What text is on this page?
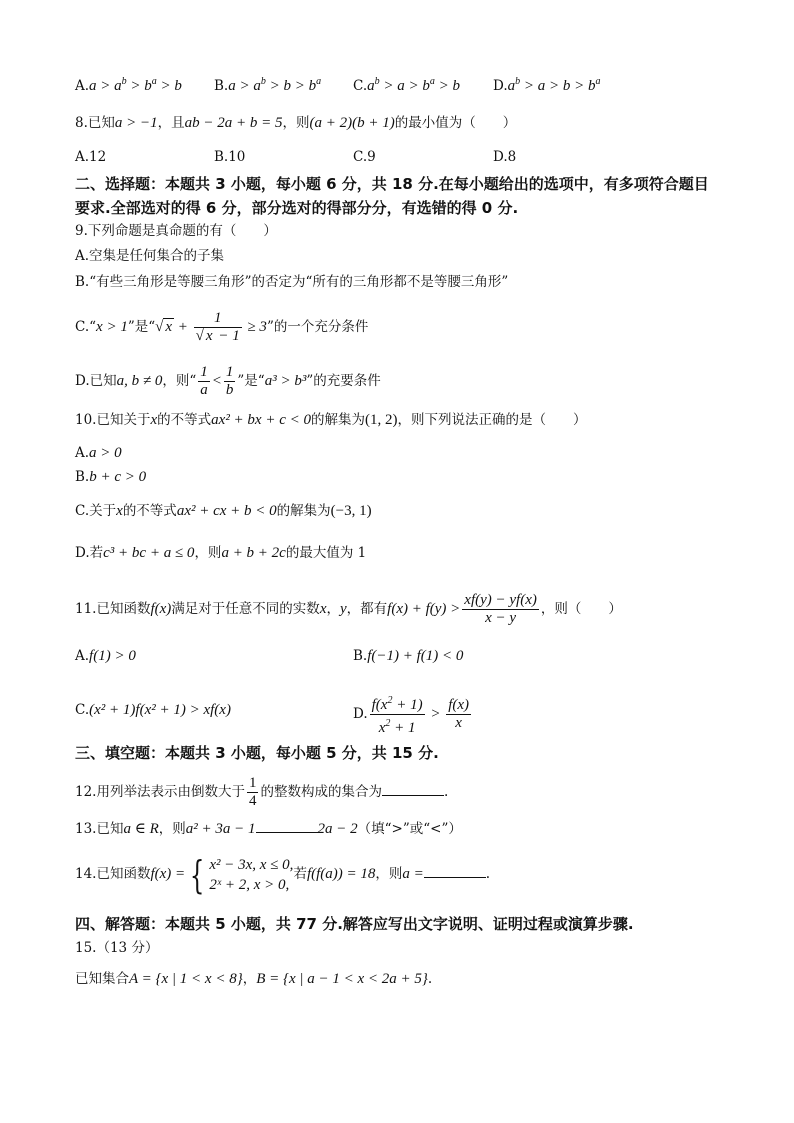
$A.a > a^b > b^a > b$ $B.a > a^b > b > b^a$ $C.a^b > a > b^a > b$ $D.a^b > a > b > b^a$
8.已知a > −1，且ab − 2a + b = 5，则(a + 2)(b + 1)的最小值为（　　）
A.12	B.10	C.9	D.8
二、选择题：本题共 3 小题，每小题 6 分，共 18 分.在每小题给出的选项中，有多项符合题目
要求.全部选对的得 6 分，部分选对的得部分分，有选错的得 0 分.
9.下列命题是真命题的有（　　）
A.空集是任何集合的子集
B.“有些三角形是等腰三角形”的否定为“所有的三角形都不是等腰三角形”
C.“x > 1”是“√ $x + \frac{1}{√ x - 1} \ge 3$”的一个充分条件
D.已知a, b ≠ 0，则“ $\frac{1}{a} < \frac{1}{b}$ ”是“a³ > b³”的充要条件
10.已知关于x的不等式ax² + bx + c < 0的解集为(1, 2)，则下列说法正确的是（　　）
A.a > 0
B.b + c > 0
C.关于x的不等式ax² + cx + b < 0的解集为(−3, 1)
D.若c³ + bc + a ≤ 0，则a + b + 2c的最大值为 1
11.已知函数f(x)满足对于任意不同的实数x，y，都有$f(x) + f(y) > \frac{xf(y) - yf(x)}{x - y}$ ，则（　　）
A.f(1) > 0	B.f(−1) + f(1) < 0
C.(x² + 1)f(x² + 1) > xf(x)	D. $\frac{f(x^2 + 1)}{x^2 + 1} > \frac{f(x)}{x}$
三、填空题：本题共 3 小题，每小题 5 分，共 15 分.
12.用列举法表示由倒数大于 $\frac{1}{4}$ 的整数构成的集合为	.
13.已知a ∈ R，则a² + 3a − 1	2a − 2（填“>”或“<”）
14.已知函数f(x) = { x² − 3x, x ≤ 0,
2ˣ + 2, x > 0,
若f(f(a)) = 18，则a =	.
四、解答题：本题共 5 小题，共 77 分.解答应写出文字说明、证明过程或演算步骤.
15.（13 分）
已知集合A = {x | 1 < x < 8}，B = {x | a − 1 < x < 2a + 5}.
